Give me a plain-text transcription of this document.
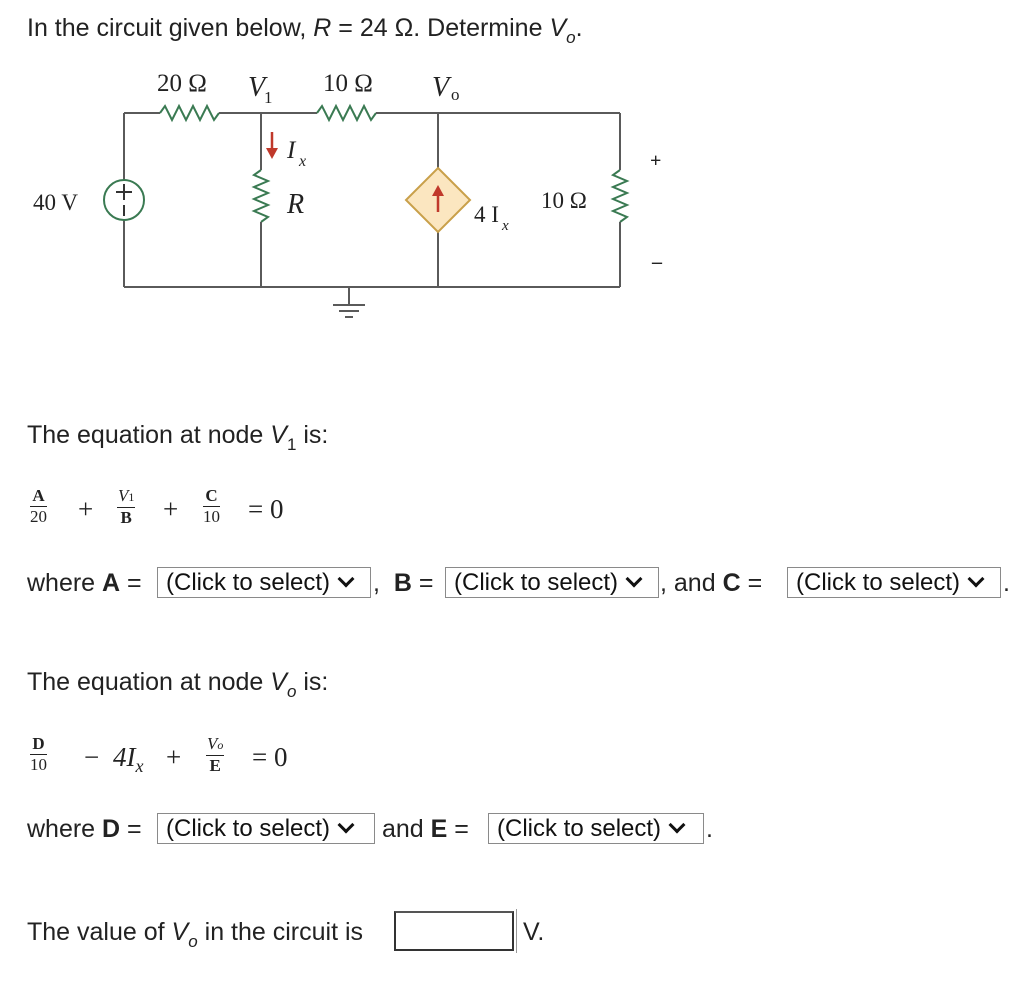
In the circuit given below, R = 24 Ω. Determine $V_o$.
20 Ω V
1
10 Ω V o
40 V
I x
R	4 I x
10 Ω
+
–
The equation at node $V_1$ is:
$\frac{A}{20} + \frac{V1}{B} + \frac{C}{10} = 0$
where A = (Click to select) , B = (Click to select) , and C = (Click to select) .
The equation at node $V_o$ is:
$\frac{D}{10} - 4I_x + \frac{Vo}{E} = 0$
where D = (Click to select) and E = (Click to select) .
The value of $V_o$ in the circuit is	V.
